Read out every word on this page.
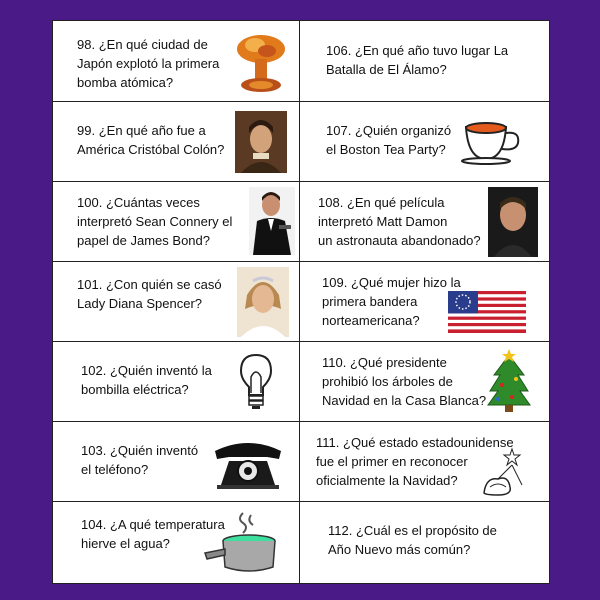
98. ¿En qué ciudad de
Japón explotó la primera
bomba atómica?
106. ¿En qué año tuvo lugar La
Batalla de El Álamo?
99. ¿En qué año fue a
América Cristóbal Colón?
107. ¿Quién organizó
el Boston Tea Party?
100. ¿Cuántas veces
interpretó Sean Connery el
papel de James Bond?
108. ¿En qué película
interpretó Matt Damon
un astronauta abandonado?
101. ¿Con quién se casó
Lady Diana Spencer?
109. ¿Qué mujer hizo la
primera bandera
norteamericana?
102. ¿Quién inventó la
bombilla eléctrica?
110. ¿Qué presidente
prohibió los árboles de
Navidad en la Casa Blanca?
103. ¿Quién inventó
el teléfono?
111. ¿Qué estado estadounidense
fue el primer en reconocer
oficialmente la Navidad?
104. ¿A qué temperatura
hierve el agua?
112. ¿Cuál es el propósito de
Año Nuevo más común?
